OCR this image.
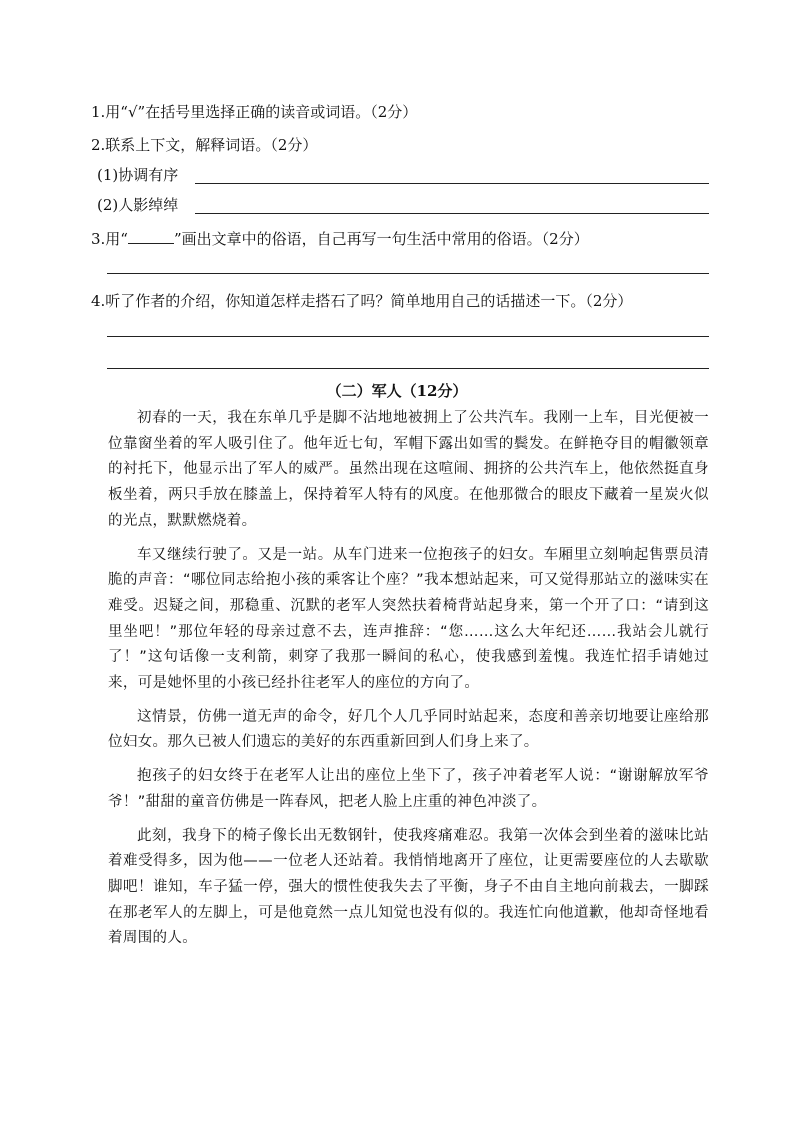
1.用“√”在括号里选择正确的读音或词语。（2分）
2.联系上下文，解释词语。（2分）
(1)协调有序
(2)人影绰绰
3.用“	”画出文章中的俗语，自己再写一句生活中常用的俗语。（2分）
4.听了作者的介绍，你知道怎样走搭石了吗？简单地用自己的话描述一下。（2分）
（二）军人（12分）

初春的一天，我在东单几乎是脚不沾地地被拥上了公共汽车。我刚一上车，目光便被一位靠窗坐着的军人吸引住了。他年近七旬，军帽下露出如雪的鬓发。在鲜艳夺目的帽徽领章的衬托下，他显示出了军人的威严。虽然出现在这喧闹、拥挤的公共汽车上，他依然挺直身板坐着，两只手放在膝盖上，保持着军人特有的风度。在他那微合的眼皮下藏着一星炭火似的光点，默默燃烧着。

车又继续行驶了。又是一站。从车门进来一位抱孩子的妇女。车厢里立刻响起售票员清脆的声音：“哪位同志给抱小孩的乘客让个座？”我本想站起来，可又觉得那站立的滋味实在难受。迟疑之间，那稳重、沉默的老军人突然扶着椅背站起身来，第一个开了口：“请到这里坐吧！”那位年轻的母亲过意不去，连声推辞：“您……这么大年纪还……我站会儿就行了！”这句话像一支利箭，刺穿了我那一瞬间的私心，使我感到羞愧。我连忙招手请她过来，可是她怀里的小孩已经扑往老军人的座位的方向了。

这情景，仿佛一道无声的命令，好几个人几乎同时站起来，态度和善亲切地要让座给那位妇女。那久已被人们遗忘的美好的东西重新回到人们身上来了。

抱孩子的妇女终于在老军人让出的座位上坐下了，孩子冲着老军人说：“谢谢解放军爷爷！”甜甜的童音仿佛是一阵春风，把老人脸上庄重的神色冲淡了。

此刻，我身下的椅子像长出无数钢针，使我疼痛难忍。我第一次体会到坐着的滋味比站着难受得多，因为他——一位老人还站着。我悄悄地离开了座位，让更需要座位的人去歇歇脚吧！谁知，车子猛一停，强大的惯性使我失去了平衡，身子不由自主地向前栽去，一脚踩在那老军人的左脚上，可是他竟然一点儿知觉也没有似的。我连忙向他道歉，他却奇怪地看着周围的人。
